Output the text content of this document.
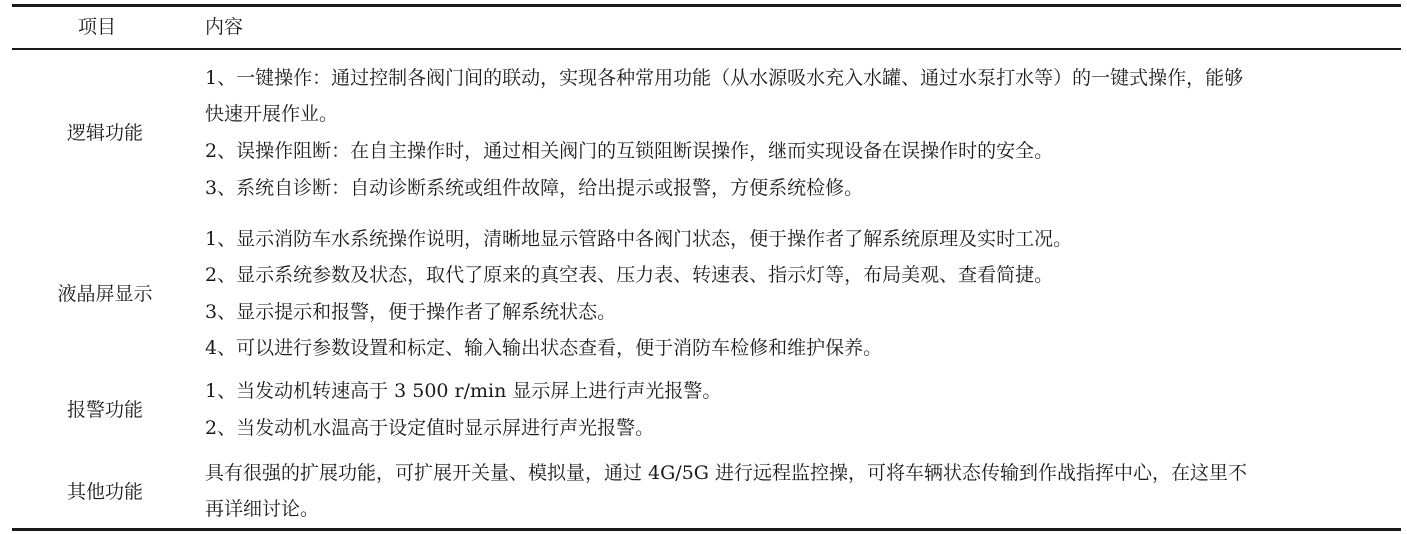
项目	内容
逻辑功能
1、一键操作：通过控制各阀门间的联动，实现各种常用功能（从水源吸水充入水罐、通过水泵打水等）的一键式操作，能够
快速开展作业。
2、误操作阻断：在自主操作时，通过相关阀门的互锁阻断误操作，继而实现设备在误操作时的安全。
3、系统自诊断：自动诊断系统或组件故障，给出提示或报警，方便系统检修。
液晶屏显示
1、显示消防车水系统操作说明，清晰地显示管路中各阀门状态，便于操作者了解系统原理及实时工况。
2、显示系统参数及状态，取代了原来的真空表、压力表、转速表、指示灯等，布局美观、查看简捷。
3、显示提示和报警，便于操作者了解系统状态。
4、可以进行参数设置和标定、输入输出状态查看，便于消防车检修和维护保养。
报警功能
1、当发动机转速高于 3 500 r/min 显示屏上进行声光报警。
2、当发动机水温高于设定值时显示屏进行声光报警。
其他功能
具有很强的扩展功能，可扩展开关量、模拟量，通过 4G/5G 进行远程监控操，可将车辆状态传输到作战指挥中心，在这里不
再详细讨论。
